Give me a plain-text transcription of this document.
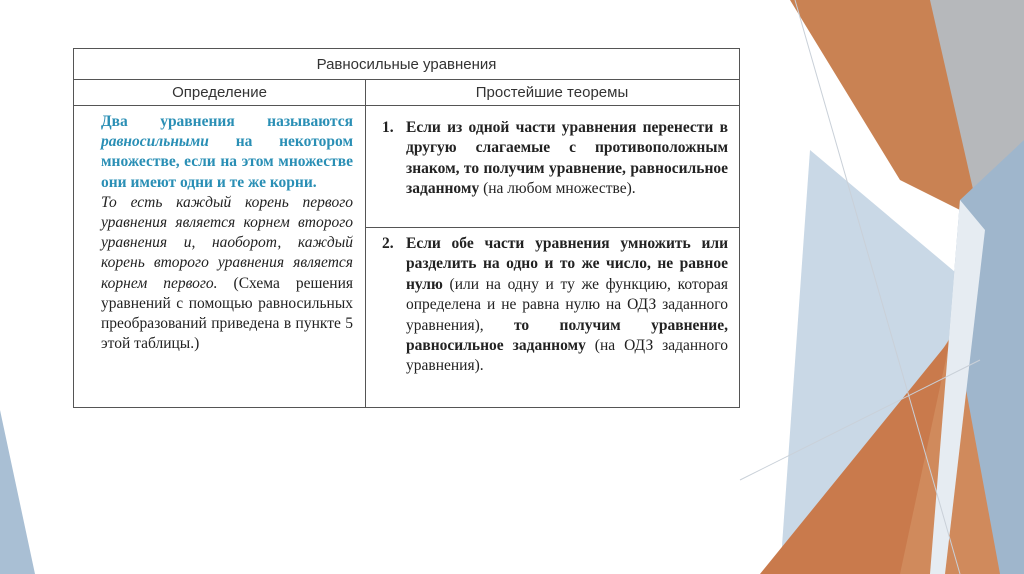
Равносильные уравнения
Определение	Простейшие теоремы
Два уравнения называются равносильными на некотором множестве, если на этом множестве они имеют одни и те же корни.
То есть каждый корень первого уравнения является корнем второго уравнения и, наоборот, каждый корень второго уравнения является корнем первого. (Схема решения уравнений с помощью равносильных преобразований приведена в пункте 5 этой таблицы.)
1. Если из одной части уравнения перенести в другую слагаемые с противоположным знаком, то получим уравнение, равносильное заданному (на любом множестве).
2. Если обе части уравнения умножить или разделить на одно и то же число, не равное нулю (или на одну и ту же функцию, которая определена и не равна нулю на ОДЗ заданного уравнения), то получим уравнение, равносильное заданному (на ОДЗ заданного уравнения).
